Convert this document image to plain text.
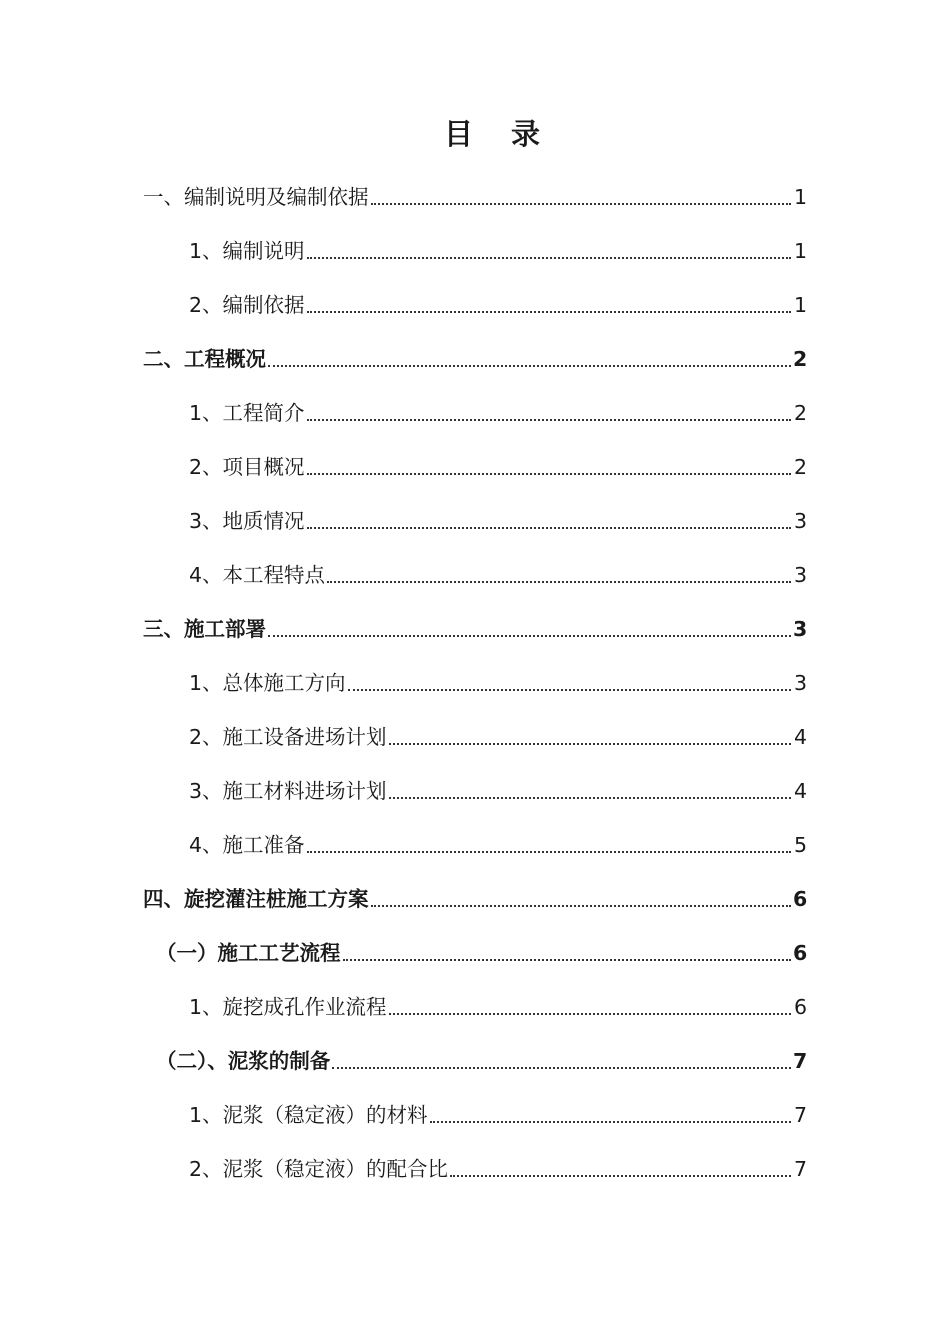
目 录
一、编制说明及编制依据	1
1、编制说明	1
2、编制依据	1
二、工程概况	2
1、工程简介	2
2、项目概况	2
3、地质情况	3
4、本工程特点	3
三、施工部署	3
1、总体施工方向	3
2、施工设备进场计划	4
3、施工材料进场计划	4
4、施工准备	5
四、旋挖灌注桩施工方案	6
（一）施工工艺流程	6
1、旋挖成孔作业流程	6
（二）、泥浆的制备	7
1、泥浆（稳定液）的材料	7
2、泥浆（稳定液）的配合比	7
